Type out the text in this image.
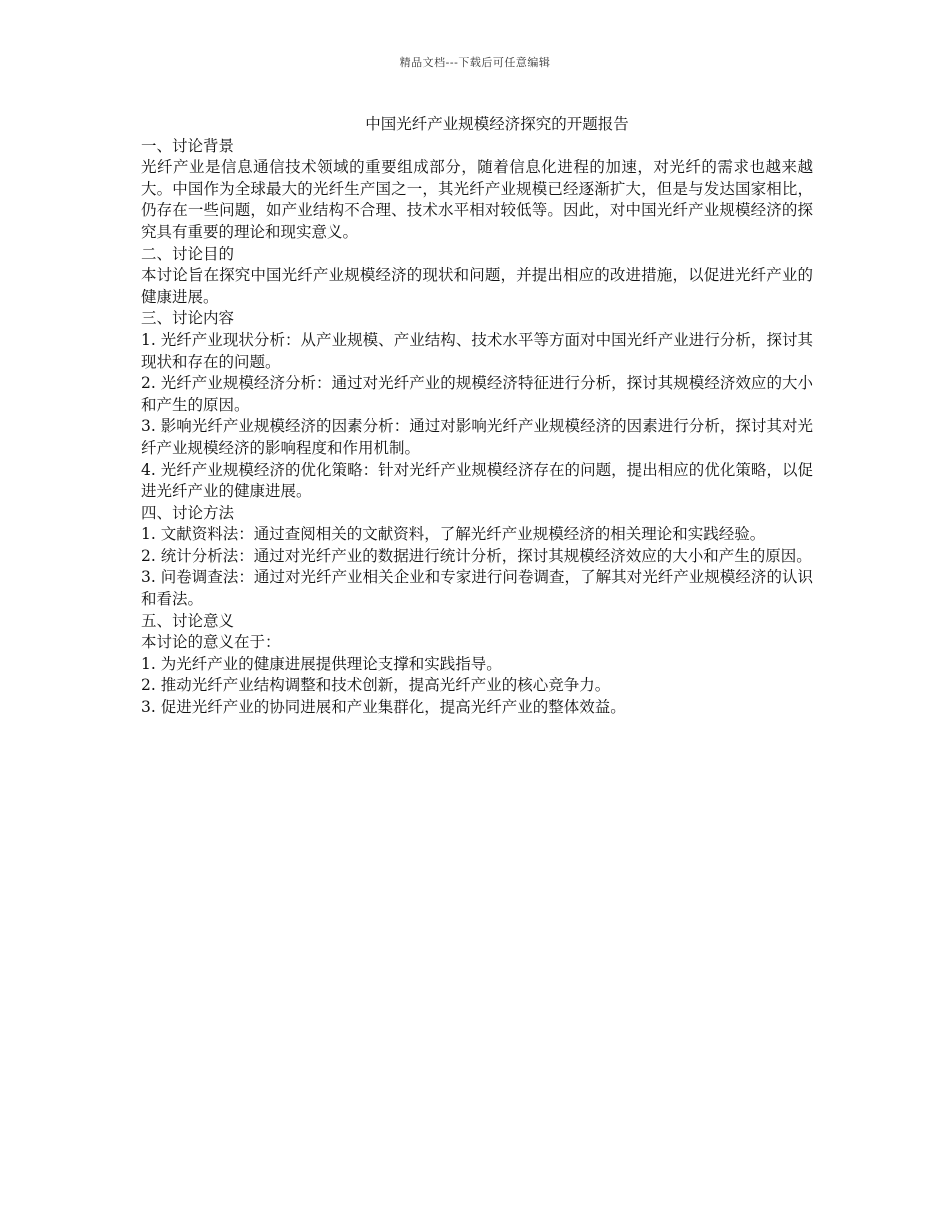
精品文档---下载后可任意编辑
中国光纤产业规模经济探究的开题报告
一、讨论背景

光纤产业是信息通信技术领域的重要组成部分，随着信息化进程的加速，对光纤的需求也越来越大。中国作为全球最大的光纤生产国之一，其光纤产业规模已经逐渐扩大，但是与发达国家相比，仍存在一些问题，如产业结构不合理、技术水平相对较低等。因此，对中国光纤产业规模经济的探究具有重要的理论和现实意义。

二、讨论目的

本讨论旨在探究中国光纤产业规模经济的现状和问题，并提出相应的改进措施，以促进光纤产业的健康进展。

三、讨论内容

1. 光纤产业现状分析：从产业规模、产业结构、技术水平等方面对中国光纤产业进行分析，探讨其现状和存在的问题。

2. 光纤产业规模经济分析：通过对光纤产业的规模经济特征进行分析，探讨其规模经济效应的大小和产生的原因。

3. 影响光纤产业规模经济的因素分析：通过对影响光纤产业规模经济的因素进行分析，探讨其对光纤产业规模经济的影响程度和作用机制。

4. 光纤产业规模经济的优化策略：针对光纤产业规模经济存在的问题，提出相应的优化策略，以促进光纤产业的健康进展。

四、讨论方法

1. 文献资料法：通过查阅相关的文献资料，了解光纤产业规模经济的相关理论和实践经验。

2. 统计分析法：通过对光纤产业的数据进行统计分析，探讨其规模经济效应的大小和产生的原因。

3. 问卷调查法：通过对光纤产业相关企业和专家进行问卷调查，了解其对光纤产业规模经济的认识和看法。

五、讨论意义

本讨论的意义在于：

1. 为光纤产业的健康进展提供理论支撑和实践指导。

2. 推动光纤产业结构调整和技术创新，提高光纤产业的核心竞争力。

3. 促进光纤产业的协同进展和产业集群化，提高光纤产业的整体效益。
